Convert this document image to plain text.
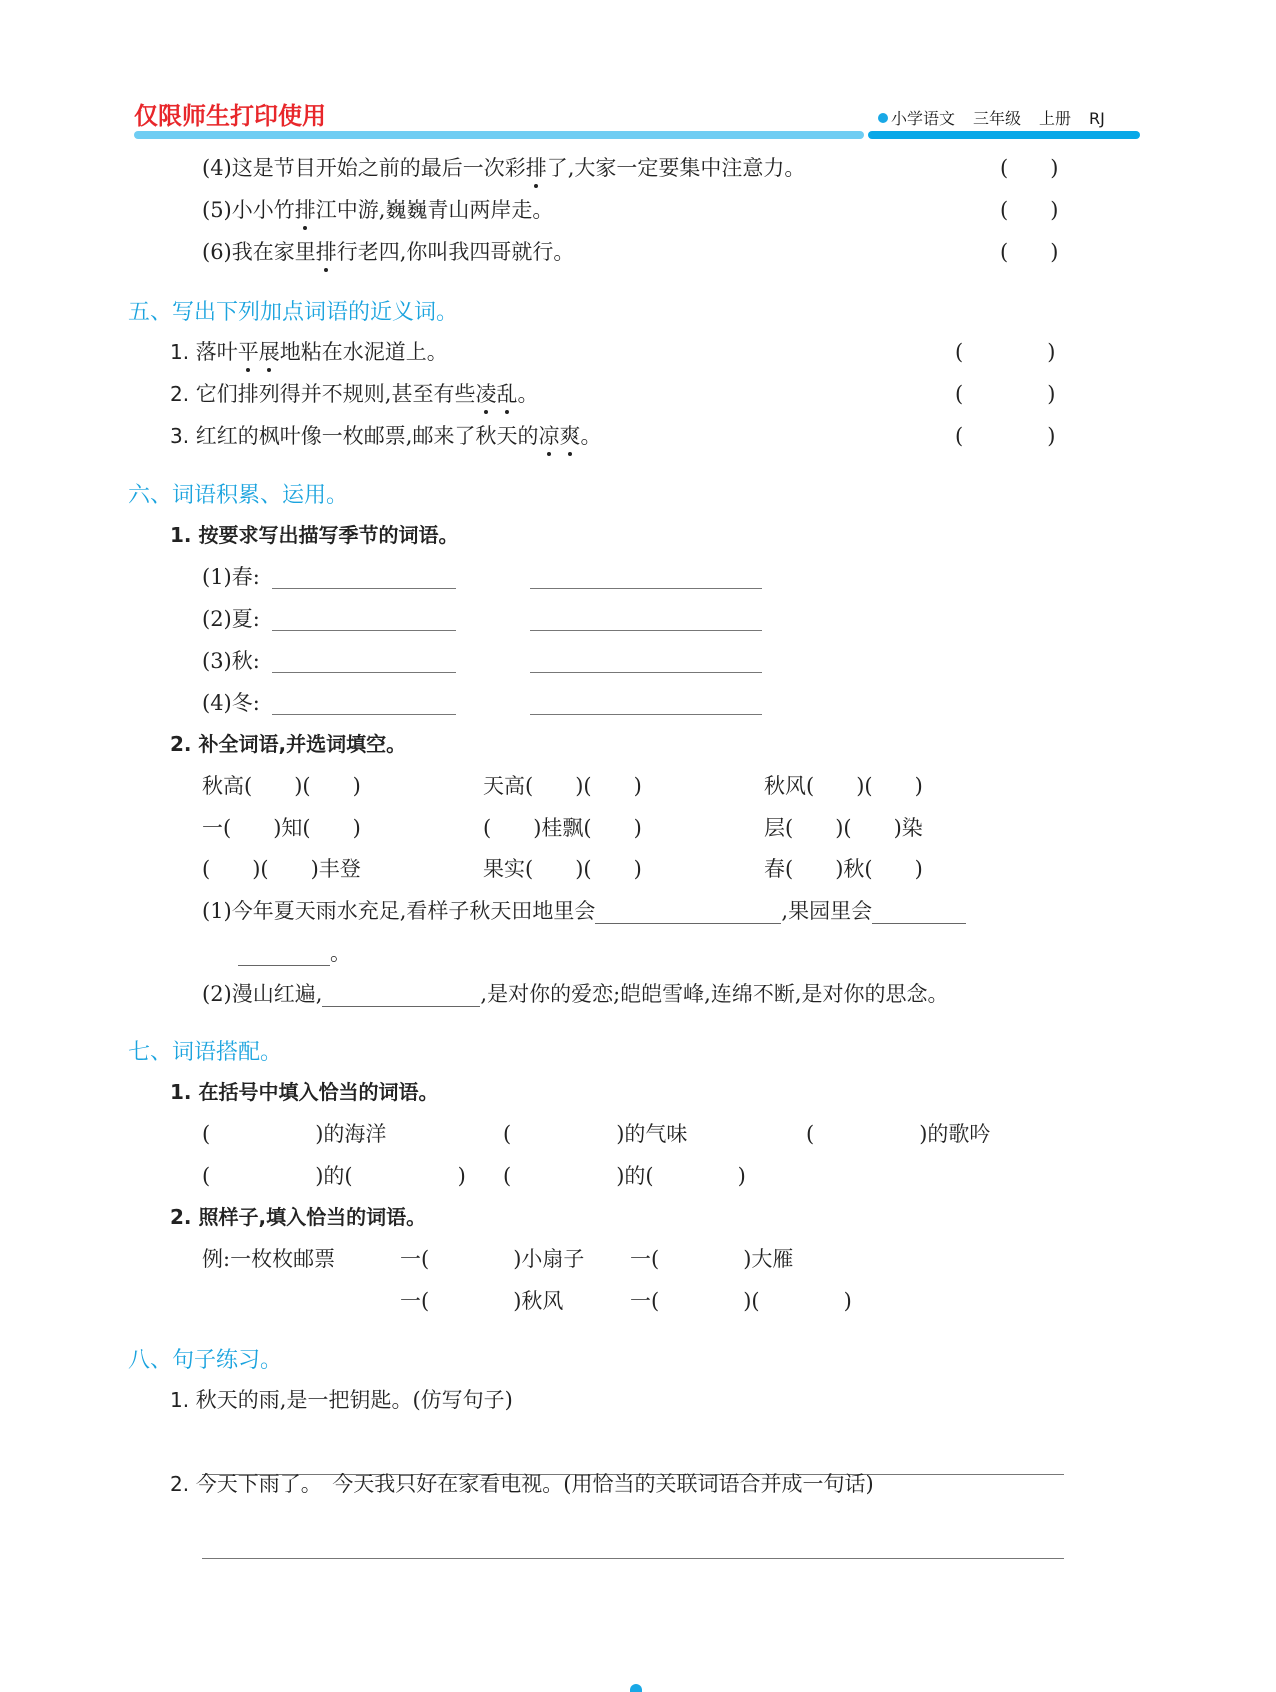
仅限师生打印使用	小学语文 三年级 上册 RJ
(4)这是节目开始之前的最后一次彩排了,大家一定要集中注意力。	(　　)
(5)小小竹排江中游,巍巍青山两岸走。	(　　)
(6)我在家里排行老四,你叫我四哥就行。	(　　)
五、写出下列加点词语的近义词。
1. 落叶平展地粘在水泥道上。	(　　　　)
2. 它们排列得并不规则,甚至有些凌乱。	(　　　　)
3. 红红的枫叶像一枚邮票,邮来了秋天的凉爽。	(　　　　)
六、词语积累、运用。
1. 按要求写出描写季节的词语。
(1)春:
(2)夏:
(3)秋:
(4)冬:
2. 补全词语,并选词填空。
秋高(　　)(　　)	天高(　　)(　　)	秋风(　　)(　　)
一(　　)知(　　)	(　　)桂飘(　　)	层(　　)(　　)染
(　　)(　　)丰登	果实(　　)(　　)	春(　　)秋(　　)
(1)今年夏天雨水充足,看样子秋天田地里会	,果园里会
。
(2)漫山红遍,	,是对你的爱恋;皑皑雪峰,连绵不断,是对你的思念。
七、词语搭配。
1. 在括号中填入恰当的词语。
(　　　　　)的海洋	(　　　　　)的气味	(　　　　　)的歌吟
(　　　　　)的(　　　　　) (　　　　　)的(　　　　)
2. 照样子,填入恰当的词语。
例:一枚枚邮票	一(　　　　)小扇子 一(　　　　)大雁
一(　　　　)秋风	一(　　　　)(　　　　)
八、句子练习。
1. 秋天的雨,是一把钥匙。(仿写句子)
2. 今天下雨了。　今天我只好在家看电视。(用恰当的关联词语合并成一句话)
